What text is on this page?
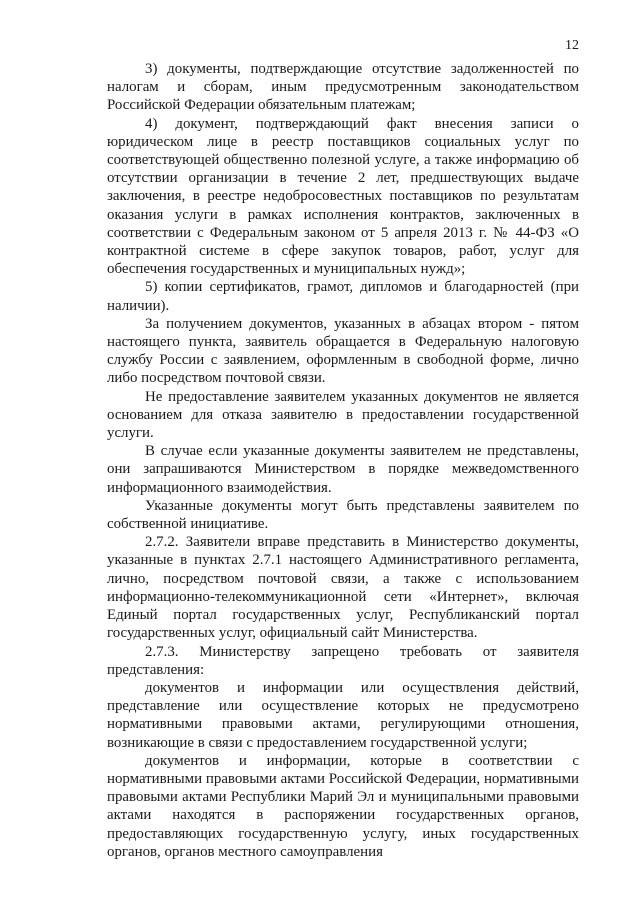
12

3) документы, подтверждающие отсутствие задолженностей по налогам и сборам, иным предусмотренным законодательством Российской Федерации обязательным платежам;

4) документ, подтверждающий факт внесения записи о юридическом лице в реестр поставщиков социальных услуг по соответствующей общественно полезной услуге, а также информацию об отсутствии организации в течение 2 лет, предшествующих выдаче заключения, в реестре недобросовестных поставщиков по результатам оказания услуги в рамках исполнения контрактов, заключенных в соответствии с Федеральным законом от 5 апреля 2013 г. № 44-ФЗ «О контрактной системе в сфере закупок товаров, работ, услуг для обеспечения государственных и муниципальных нужд»;

5) копии сертификатов, грамот, дипломов и благодарностей (при наличии).

За получением документов, указанных в абзацах втором - пятом настоящего пункта, заявитель обращается в Федеральную налоговую службу России с заявлением, оформленным в свободной форме, лично либо посредством почтовой связи.

Не предоставление заявителем указанных документов не является основанием для отказа заявителю в предоставлении государственной услуги.

В случае если указанные документы заявителем не представлены, они запрашиваются Министерством в порядке межведомственного информационного взаимодействия.

Указанные документы могут быть представлены заявителем по собственной инициативе.

2.7.2. Заявители вправе представить в Министерство документы, указанные в пунктах 2.7.1 настоящего Административного регламента, лично, посредством почтовой связи, а также с использованием информационно-телекоммуникационной сети «Интернет», включая Единый портал государственных услуг, Республиканский портал государственных услуг, официальный сайт Министерства.

2.7.3. Министерству запрещено требовать от заявителя представления:

документов и информации или осуществления действий, представление или осуществление которых не предусмотрено нормативными правовыми актами, регулирующими отношения, возникающие в связи с предоставлением государственной услуги;

документов и информации, которые в соответствии с нормативными правовыми актами Российской Федерации, нормативными правовыми актами Республики Марий Эл и муниципальными правовыми актами находятся в распоряжении государственных органов, предоставляющих государственную услугу, иных государственных органов, органов местного самоуправления
